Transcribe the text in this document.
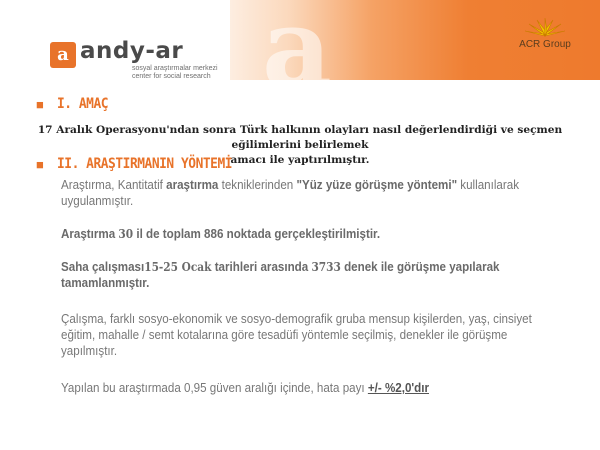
a
a andy-ar
sosyal araştırmalar merkezi
center for social research
ACR Group
■ I. AMAÇ
17 Aralık Operasyonu'ndan sonra Türk halkının olayları nasıl değerlendirdiği ve seçmen eğilimlerini belirlemek
amacı ile yaptırılmıştır.
■ II. ARAŞTIRMANIN YÖNTEMİ
Araştırma, Kantitatif araştırma tekniklerinden "Yüz yüze görüşme yöntemi" kullanılarak
uygulanmıştır.
Araştırma 30 il de toplam 886 noktada gerçekleştirilmiştir.
Saha çalışması15-25 Ocak tarihleri arasında 3733 denek ile görüşme yapılarak
tamamlanmıştır.
Çalışma, farklı sosyo-ekonomik ve sosyo-demografik gruba mensup kişilerden, yaş, cinsiyet
eğitim, mahalle / semt kotalarına göre tesadüfi yöntemle seçilmiş, denekler ile görüşme
yapılmıştır.
Yapılan bu araştırmada 0,95 güven aralığı içinde, hata payı +/- %2,0'dır
